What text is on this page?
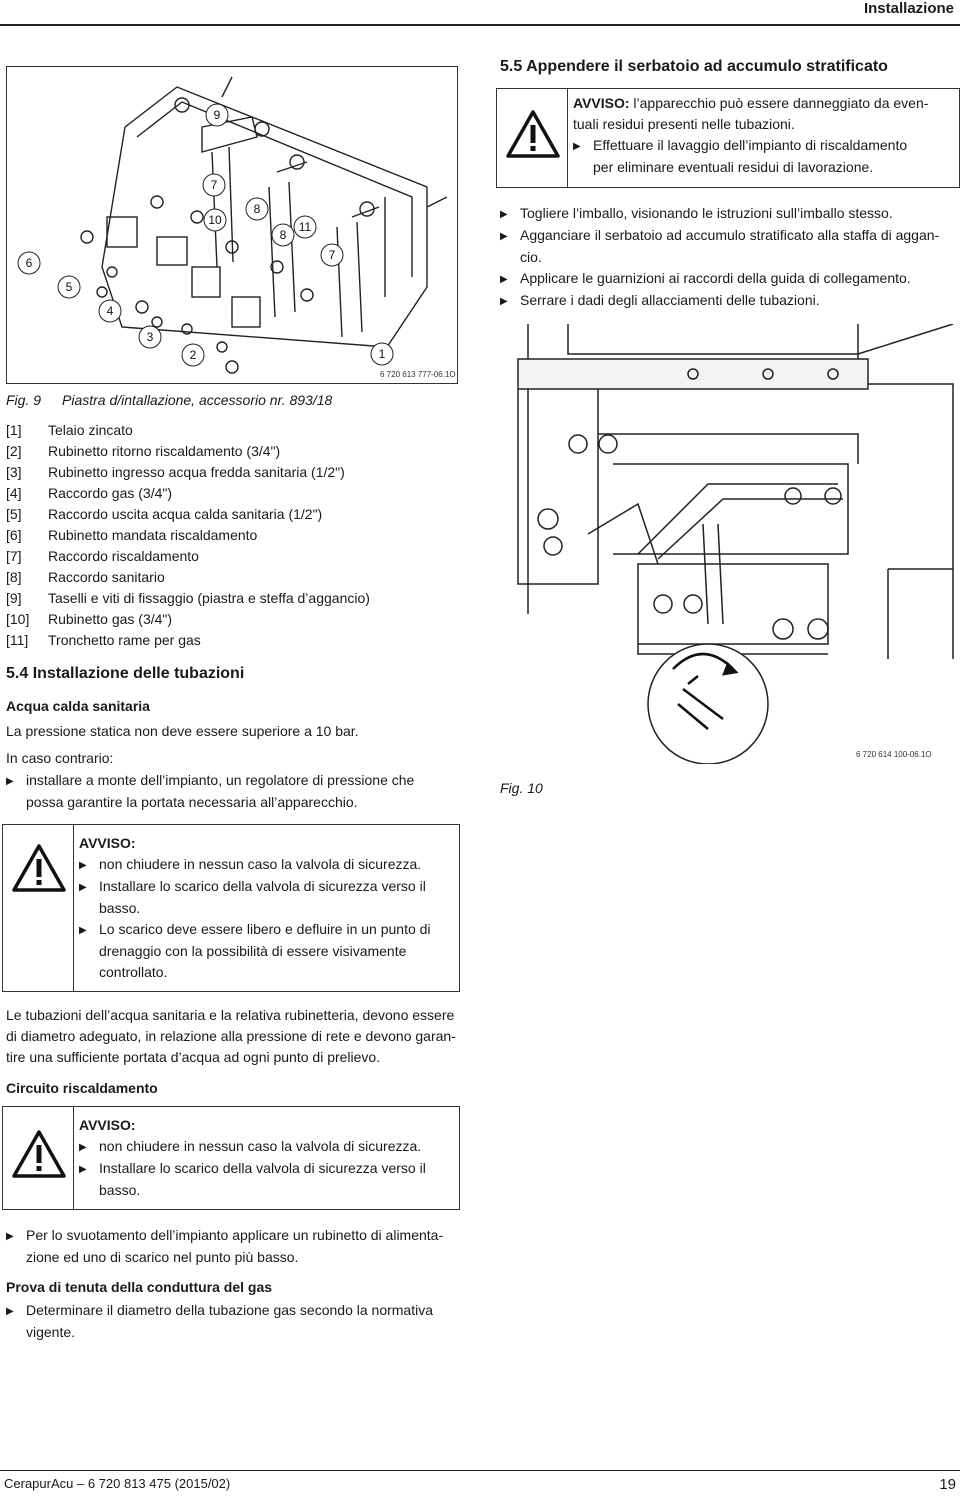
Installazione
6
5
4
3
2	1
7
7
8
8
9
10	11
6 720 613 777-06.1O
Fig. 9 Piastra d/intallazione, accessorio nr. 893/18
[1]	Telaio zincato
[2]	Rubinetto ritorno riscaldamento (3/4")
[3]	Rubinetto ingresso acqua fredda sanitaria (1/2")
[4]	Raccordo gas (3/4")
[5]	Raccordo uscita acqua calda sanitaria (1/2")
[6]	Rubinetto mandata riscaldamento
[7]	Raccordo riscaldamento
[8]	Raccordo sanitario
[9]	Taselli e viti di fissaggio (piastra e steffa d’aggancio)
[10]	Rubinetto gas (3/4")
[11]	Tronchetto rame per gas
5.4 Installazione delle tubazioni
Acqua calda sanitaria
La pressione statica non deve essere superiore a 10 bar.
In caso contrario:
▶ installare a monte dell’impianto, un regolatore di pressione che
possa garantire la portata necessaria all’apparecchio.
AVVISO:
▶ non chiudere in nessun caso la valvola di sicurezza.
▶ Installare lo scarico della valvola di sicurezza verso il
basso.
▶ Lo scarico deve essere libero e defluire in un punto di
drenaggio con la possibilità di essere visivamente
controllato.
Le tubazioni dell’acqua sanitaria e la relativa rubinetteria, devono essere
di diametro adeguato, in relazione alla pressione di rete e devono garan-
tire una sufficiente portata d’acqua ad ogni punto di prelievo.
Circuito riscaldamento
AVVISO:
▶ non chiudere in nessun caso la valvola di sicurezza.
▶ Installare lo scarico della valvola di sicurezza verso il
basso.
▶ Per lo svuotamento dell’impianto applicare un rubinetto di alimenta-
zione ed uno di scarico nel punto più basso.
Prova di tenuta della conduttura del gas
▶ Determinare il diametro della tubazione gas secondo la normativa
vigente.
5.5 Appendere il serbatoio ad accumulo stratificato
AVVISO: l’apparecchio può essere danneggiato da even-
tuali residui presenti nelle tubazioni.
▶ Effettuare il lavaggio dell’impianto di riscaldamento
per eliminare eventuali residui di lavorazione.
▶ Togliere l’imballo, visionando le istruzioni sull’imballo stesso.
▶ Agganciare il serbatoio ad accumulo stratificato alla staffa di aggan-
cio.
▶ Applicare le guarnizioni ai raccordi della guida di collegamento.
▶ Serrare i dadi degli allacciamenti delle tubazioni.
6 720 614 100-06.1O
Fig. 10
CerapurAcu – 6 720 813 475 (2015/02)	19
